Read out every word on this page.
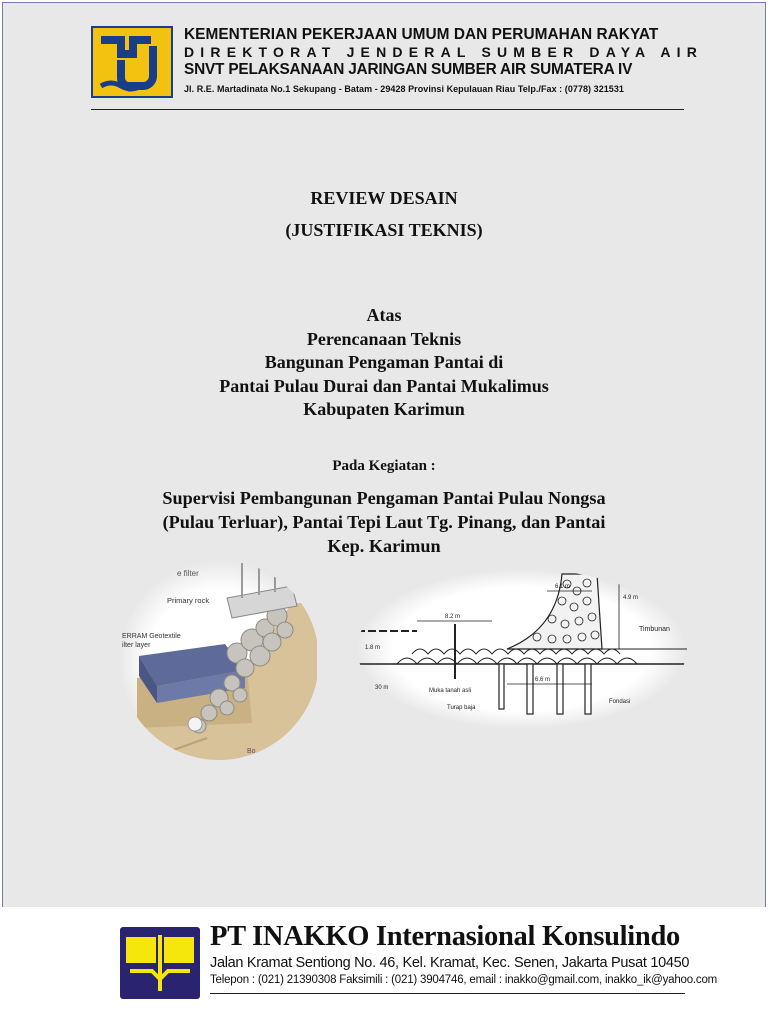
KEMENTERIAN PEKERJAAN UMUM DAN PERUMAHAN RAKYAT
DIREKTORAT JENDERAL SUMBER DAYA AIR
SNVT PELAKSANAAN JARINGAN SUMBER AIR SUMATERA IV
Jl. R.E. Martadinata No.1 Sekupang - Batam - 29428 Provinsi Kepulauan Riau Telp./Fax : (0778) 321531
REVIEW DESAIN
(JUSTIFIKASI TEKNIS)
Atas
Perencanaan Teknis
Bangunan Pengaman Pantai di
Pantai Pulau Durai dan Pantai Mukalimus
Kabupaten Karimun
Pada Kegiatan :
Supervisi Pembangunan Pengaman Pantai Pulau Nongsa
(Pulau Terluar), Pantai Tepi Laut Tg. Pinang, dan Pantai
Kep. Karimun
e filter
Primary rock
ERRAM Geotextile
ilter layer
Bo
8.2 m
6.1 m
4.9 m
Timbunan
1.8 m
30 m	Muka tanah asli
6.6 m
Turap baja
Fondasi
PT INAKKO Internasional Konsulindo
Jalan Kramat Sentiong No. 46, Kel. Kramat, Kec. Senen, Jakarta Pusat 10450
Telepon : (021) 21390308 Faksimili : (021) 3904746, email : inakko@gmail.com, inakko_ik@yahoo.com
